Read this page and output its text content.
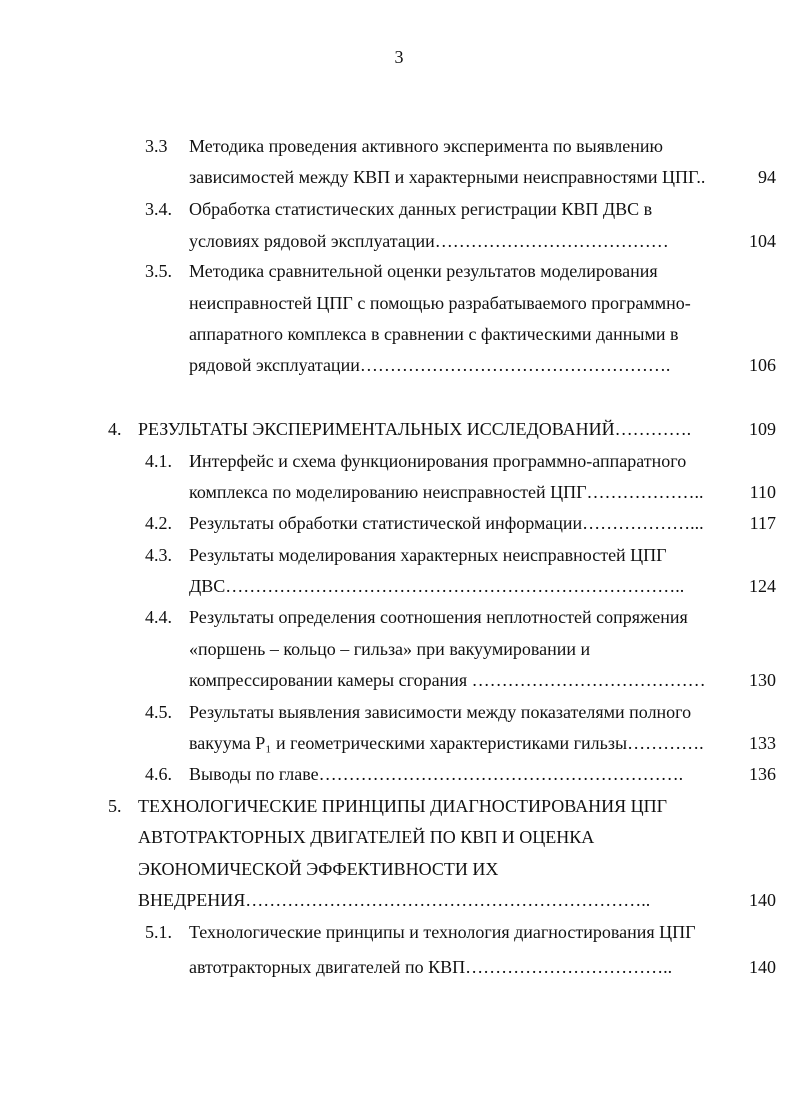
3
3.3 Методика проведения активного эксперимента по выявлению
зависимостей между КВП и характерными неисправностями ЦПГ..	94
3.4. Обработка статистических данных регистрации КВП ДВС в
условиях рядовой эксплуатации…………………………………	104
3.5. Методика сравнительной оценки результатов моделирования
неисправностей ЦПГ с помощью разрабатываемого программно-
аппаратного комплекса в сравнении с фактическими данными в
рядовой эксплуатации…………………………………………….	106
4. РЕЗУЛЬТАТЫ ЭКСПЕРИМЕНТАЛЬНЫХ ИССЛЕДОВАНИЙ………….	109
4.1. Интерфейс и схема функционирования программно-аппаратного
комплекса по моделированию неисправностей ЦПГ………………..	110
4.2. Результаты обработки статистической информации………………...	117
4.3. Результаты моделирования характерных неисправностей ЦПГ
ДВС…………………………………………………………………..	124
4.4. Результаты определения соотношения неплотностей сопряжения
«поршень – кольцо – гильза» при вакуумировании и
компрессировании камеры сгорания …………………………………	130
4.5. Результаты выявления зависимости между показателями полного
вакуума P₁ и геометрическими характеристиками гильзы………….	133
4.6. Выводы по главе…………………………………………………….	136
5. ТЕХНОЛОГИЧЕСКИЕ ПРИНЦИПЫ ДИАГНОСТИРОВАНИЯ ЦПГ
АВТОТРАКТОРНЫХ ДВИГАТЕЛЕЙ ПО КВП И ОЦЕНКА
ЭКОНОМИЧЕСКОЙ ЭФФЕКТИВНОСТИ ИХ
ВНЕДРЕНИЯ…………………………………………………………..	140
5.1. Технологические принципы и технология диагностирования ЦПГ
автотракторных двигателей по КВП……………………………..	140
